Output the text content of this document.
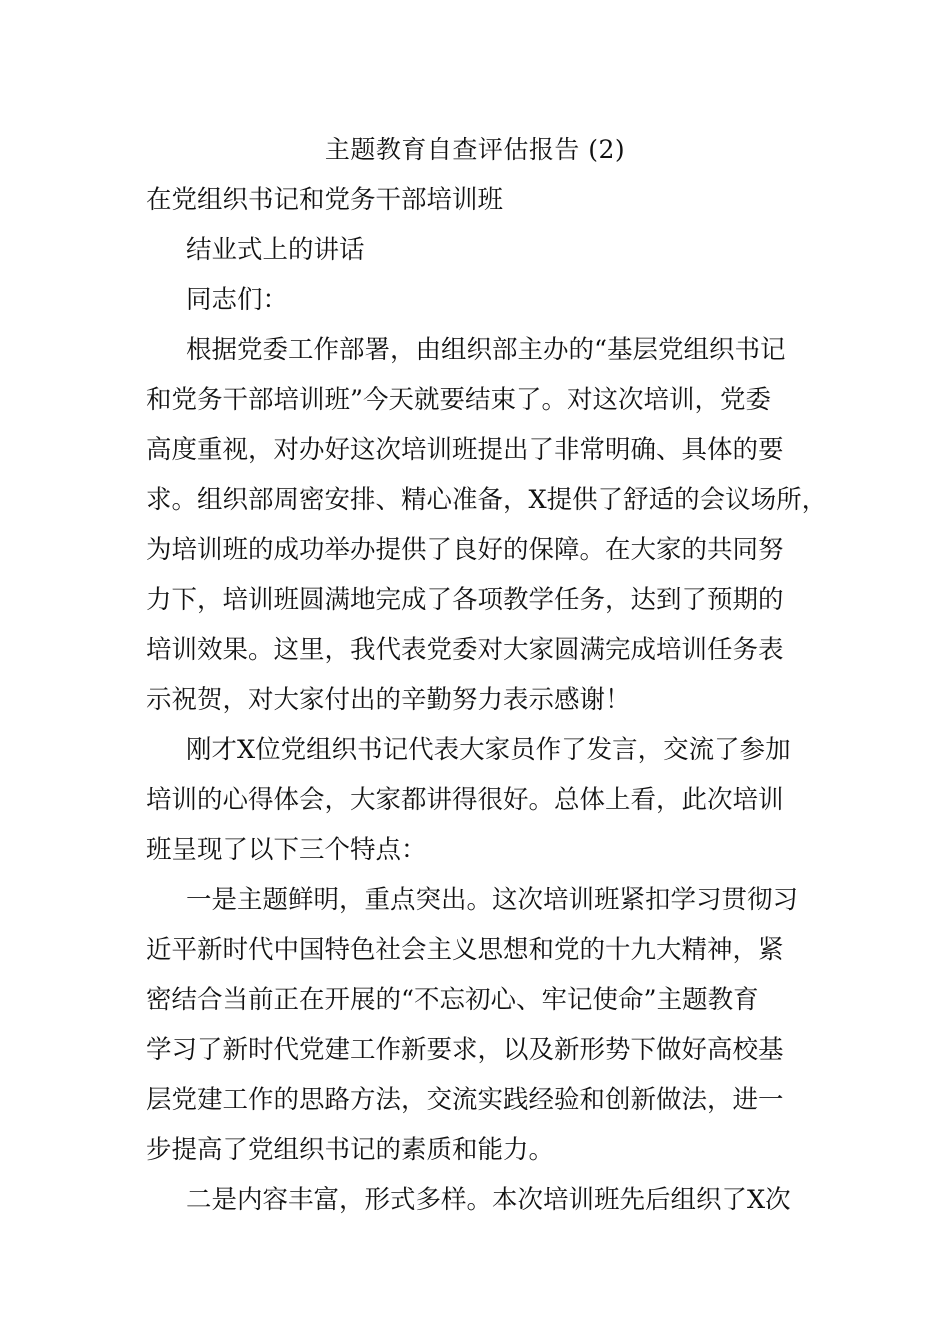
主题教育自查评估报告 (2)
在党组织书记和党务干部培训班
结业式上的讲话
同志们：
根据党委工作部署，由组织部主办的“基层党组织书记
和党务干部培训班”今天就要结束了。对这次培训，党委
高度重视，对办好这次培训班提出了非常明确、具体的要
求。组织部周密安排、精心准备，X提供了舒适的会议场所，
为培训班的成功举办提供了良好的保障。在大家的共同努
力下，培训班圆满地完成了各项教学任务，达到了预期的
培训效果。这里，我代表党委对大家圆满完成培训任务表
示祝贺，对大家付出的辛勤努力表示感谢！
刚才X位党组织书记代表大家员作了发言，交流了参加
培训的心得体会，大家都讲得很好。总体上看，此次培训
班呈现了以下三个特点：
一是主题鲜明，重点突出。这次培训班紧扣学习贯彻习
近平新时代中国特色社会主义思想和党的十九大精神，紧
密结合当前正在开展的“不忘初心、牢记使命”主题教育
学习了新时代党建工作新要求，以及新形势下做好高校基
层党建工作的思路方法，交流实践经验和创新做法，进一
步提高了党组织书记的素质和能力。
二是内容丰富，形式多样。本次培训班先后组织了X次
